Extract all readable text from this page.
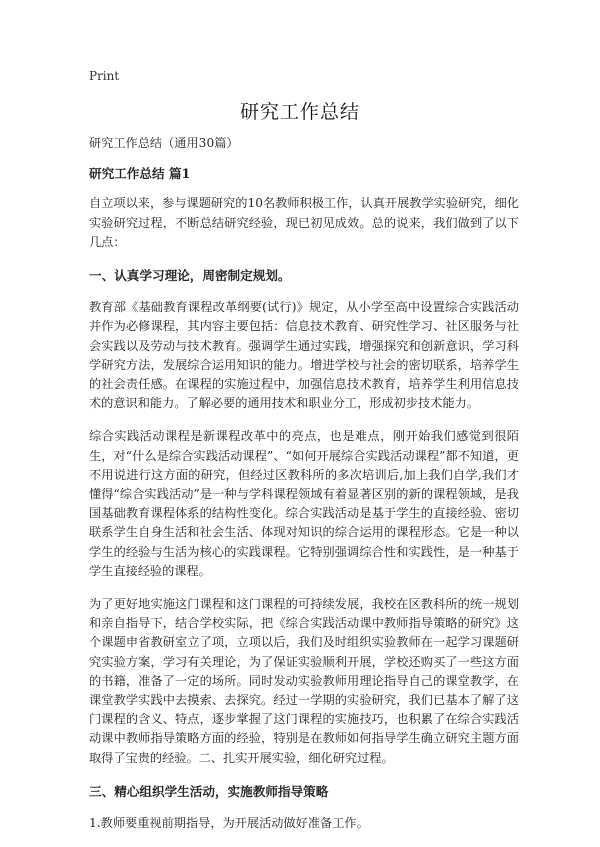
Print
研究工作总结
研究工作总结（通用30篇）
研究工作总结 篇1
自立项以来，参与课题研究的10名教师积极工作，认真开展教学实验研究，细化实验研究过程，不断总结研究经验，现已初见成效。总的说来，我们做到了以下几点：
一、认真学习理论，周密制定规划。
教育部《基础教育课程改革纲要(试行)》规定，从小学至高中设置综合实践活动并作为必修课程，其内容主要包括：信息技术教育、研究性学习、社区服务与社会实践以及劳动与技术教育。强调学生通过实践，增强探究和创新意识，学习科学研究方法，发展综合运用知识的能力。增进学校与社会的密切联系，培养学生的社会责任感。在课程的实施过程中，加强信息技术教育，培养学生利用信息技术的意识和能力。了解必要的通用技术和职业分工，形成初步技术能力。
综合实践活动课程是新课程改革中的亮点，也是难点，刚开始我们感觉到很陌生，对“什么是综合实践活动课程”、“如何开展综合实践活动课程”都不知道，更不用说进行这方面的研究，但经过区教科所的多次培训后,加上我们自学,我们才懂得“综合实践活动”是一种与学科课程领域有着显著区别的新的课程领域，是我国基础教育课程体系的结构性变化。综合实践活动是基于学生的直接经验、密切联系学生自身生活和社会生活、体现对知识的综合运用的课程形态。它是一种以学生的经验与生活为核心的实践课程。它特别强调综合性和实践性，是一种基于学生直接经验的课程。
为了更好地实施这门课程和这门课程的可持续发展，我校在区教科所的统一规划和亲自指导下，结合学校实际，把《综合实践活动课中教师指导策略的研究》这个课题申省教研室立了项，立项以后，我们及时组织实验教师在一起学习课题研究实验方案，学习有关理论，为了保证实验顺利开展，学校还购买了一些这方面的书籍，准备了一定的场所。同时发动实验教师用理论指导自己的课堂教学，在课堂教学实践中去摸索、去探究。经过一学期的实验研究，我们已基本了解了这门课程的含义、特点，逐步掌握了这门课程的实施技巧，也积累了在综合实践活动课中教师指导策略方面的经验，特别是在教师如何指导学生确立研究主题方面取得了宝贵的经验。二、扎实开展实验，细化研究过程。
三、精心组织学生活动，实施教师指导策略
1.教师要重视前期指导，为开展活动做好准备工作。
